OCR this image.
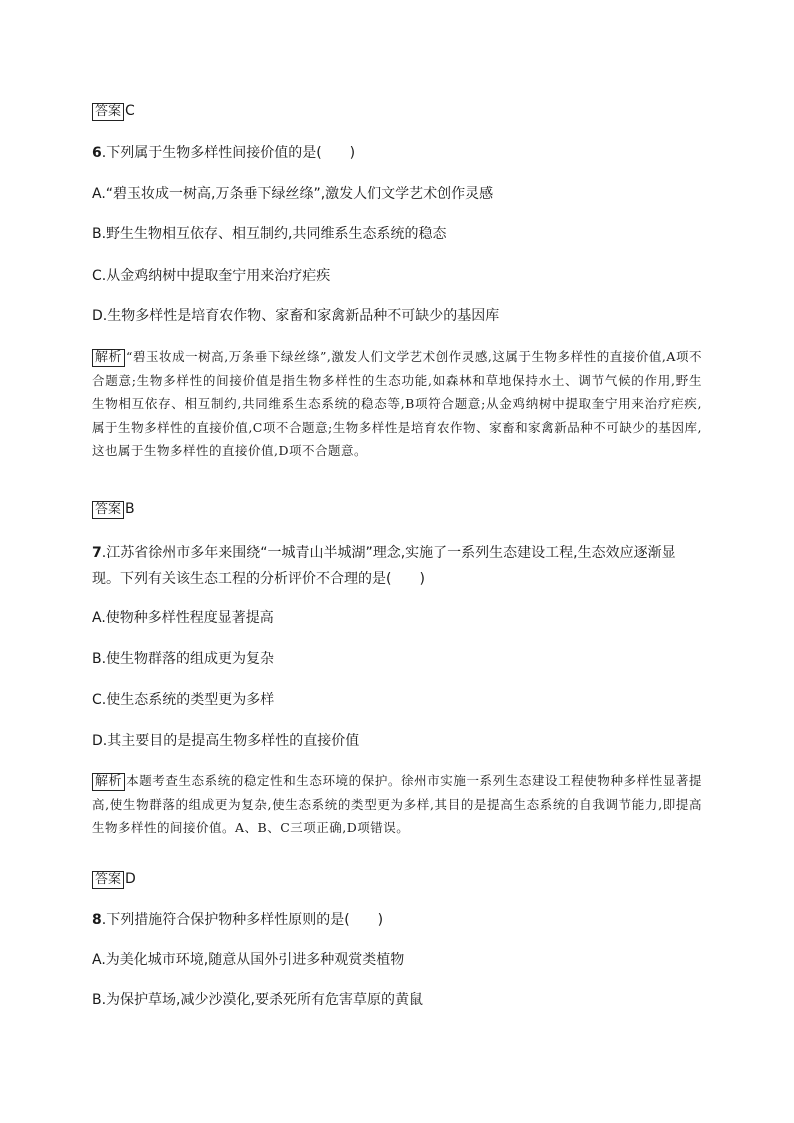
答案 C
6.下列属于生物多样性间接价值的是(　　)
A.“碧玉妆成一树高,万条垂下绿丝绦”,激发人们文学艺术创作灵感
B.野生生物相互依存、相互制约,共同维系生态系统的稳态
C.从金鸡纳树中提取奎宁用来治疗疟疾
D.生物多样性是培育农作物、家畜和家禽新品种不可缺少的基因库
解析 “碧玉妆成一树高,万条垂下绿丝绦”,激发人们文学艺术创作灵感,这属于生物多样性的直接价值,A项不合题意;生物多样性的间接价值是指生物多样性的生态功能,如森林和草地保持水土、调节气候的作用,野生生物相互依存、相互制约,共同维系生态系统的稳态等,B项符合题意;从金鸡纳树中提取奎宁用来治疗疟疾,属于生物多样性的直接价值,C项不合题意;生物多样性是培育农作物、家畜和家禽新品种不可缺少的基因库,这也属于生物多样性的直接价值,D项不合题意。
答案 B
7.江苏省徐州市多年来围绕“一城青山半城湖”理念,实施了一系列生态建设工程,生态效应逐渐显现。下列有关该生态工程的分析评价不合理的是(　　)
A.使物种多样性程度显著提高
B.使生物群落的组成更为复杂
C.使生态系统的类型更为多样
D.其主要目的是提高生物多样性的直接价值
解析 本题考查生态系统的稳定性和生态环境的保护。徐州市实施一系列生态建设工程使物种多样性显著提高,使生物群落的组成更为复杂,使生态系统的类型更为多样,其目的是提高生态系统的自我调节能力,即提高生物多样性的间接价值。A、B、C三项正确,D项错误。
答案 D
8.下列措施符合保护物种多样性原则的是(　　)
A.为美化城市环境,随意从国外引进多种观赏类植物
B.为保护草场,减少沙漠化,要杀死所有危害草原的黄鼠
